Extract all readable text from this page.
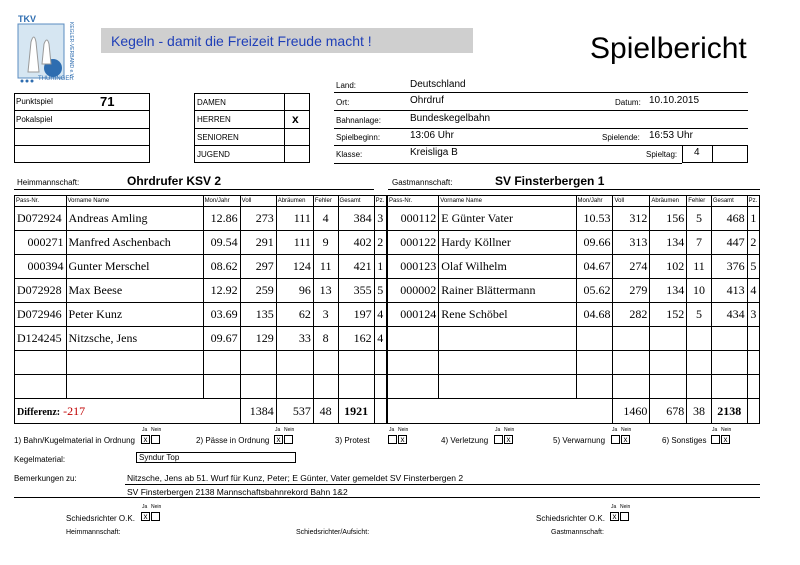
TKV
KEGLER-VERBAND e.V.
THÜRINGER
Kegeln - damit die Freizeit Freude macht !	Spielbericht
Punktspiel	71
Pokalspiel
DAMEN
HERREN	x
SENIOREN
JUGEND
Land:	Deutschland
Ort:	Ohrdruf	Datum: 10.10.2015
Bahnanlage:	Bundeskegelbahn
Spielbeginn:	13:06 Uhr	Spielende: 16:53 Uhr
Klasse:	Kreisliga B	Spieltag: 4
Heimmannschaft:	Ohrdrufer KSV 2	Gastmannschaft:	SV Finsterbergen 1
Pass-Nr.	Vorname Name	Mon/Jahr	Voll	Abräumen	Fehler	Gesamt	Pz.
D072924	Andreas Amling	12.86	273	111	4	384	3
000271	Manfred Aschenbach	09.54	291	111	9	402	2
000394	Gunter Merschel	08.62	297	124	11	421	1
D072928	Max Beese	12.92	259	96	13	355	5
D072946	Peter Kunz	03.69	135	62	3	197	4
D124245	Nitzsche, Jens	09.67	129	33	8	162	4

Differenz: -217			1384	537	48	1921	
Pass-Nr.	Vorname Name	Mon/Jahr	Voll	Abräumen	Fehler	Gesamt	Pz.
000112	E Günter Vater	10.53	312	156	5	468	1
000122	Hardy Köllner	09.66	313	134	7	447	2
000123	Olaf Wilhelm	04.67	274	102	11	376	5
000002	Rainer Blättermann	05.62	279	134	10	413	4
000124	Rene Schöbel	04.68	282	152	5	434	3

			1460	678	38	2138	
1) Bahn/Kugelmaterial in Ordnung
Ja Nein
x	2) Pässe in Ordnung
Ja Nein
x	3) Protest
Ja Nein
x	4) Verletzung
Ja Nein
x	5) Verwarnung
Ja Nein
x	6) Sonstiges
Ja Nein
x
Kegelmaterial:	Syndur Top
Bemerkungen zu:	Nitzsche, Jens ab 51. Wurf für Kunz, Peter; E Günter, Vater gemeldet SV Finsterbergen 2
SV Finsterbergen 2138 Mannschaftsbahnrekord Bahn 1&2
Schiedsrichter O.K.
Ja Nein
x	Schiedsrichter O.K.
Ja Nein
x
Heimmannschaft:	Schiedsrichter/Aufsicht:	Gastmannschaft:
